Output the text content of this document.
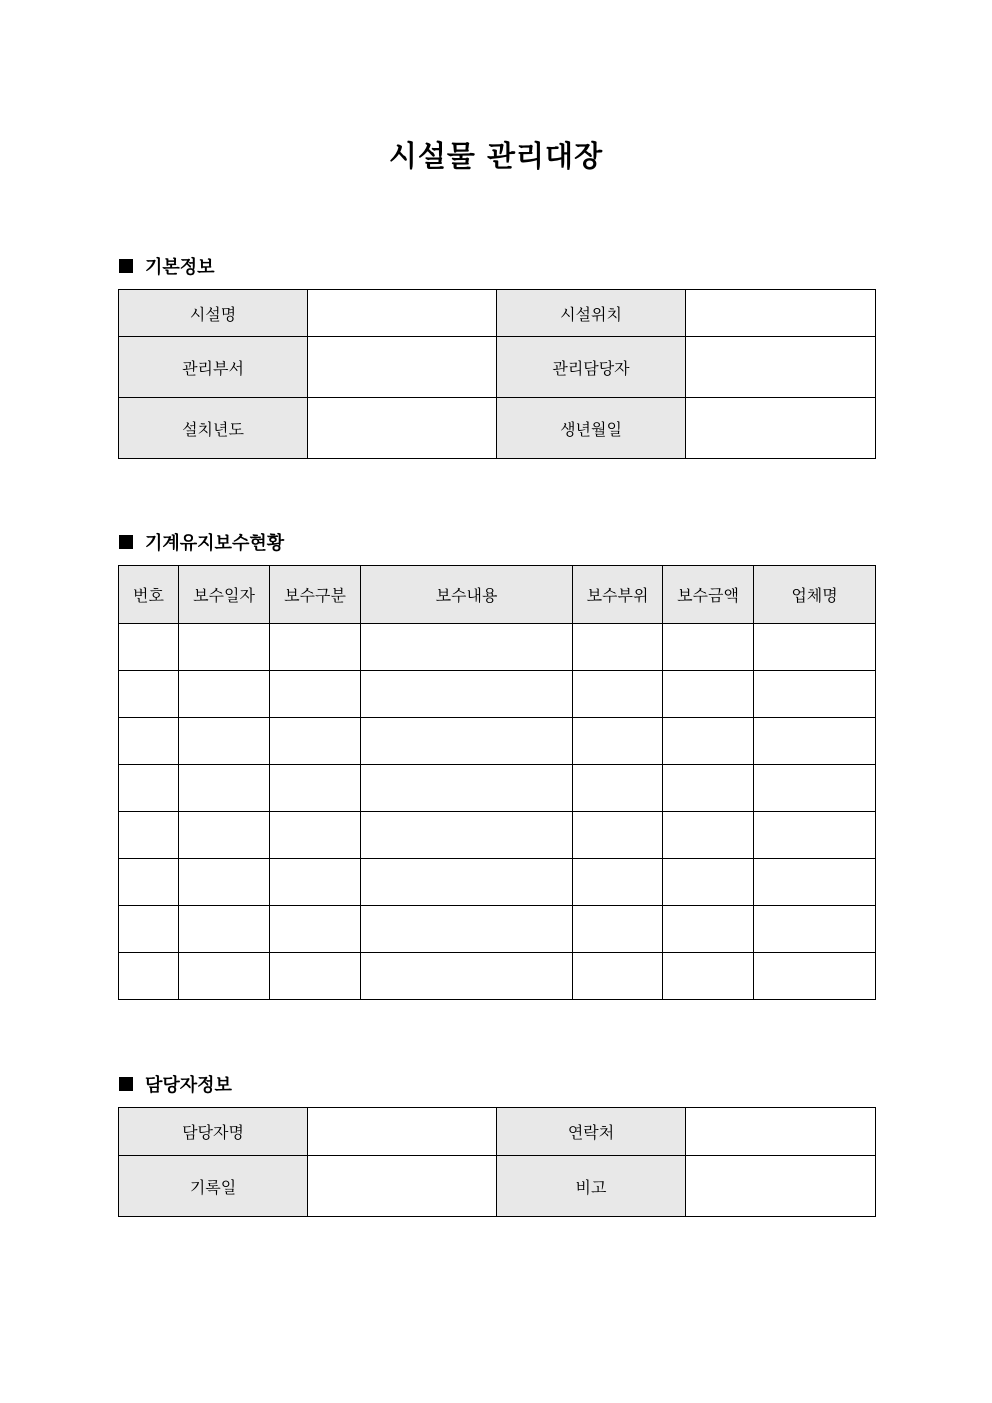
시설물 관리대장
기본정보
시설명		시설위치	
관리부서		관리담당자	
설치년도		생년월일	
기계유지보수현황
번호	보수일자	보수구분	보수내용	보수부위	보수금액	업체명

담당자정보
담당자명		연락처	
기록일		비고	
